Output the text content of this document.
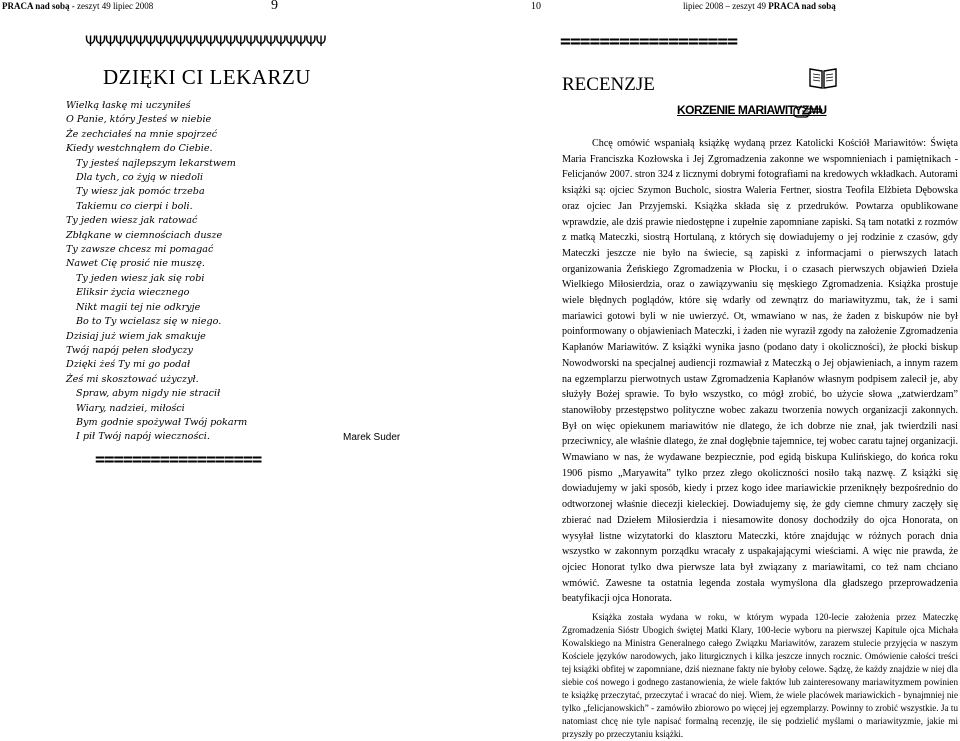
PRACA nad sobą - zeszyt 49 lipiec 2008	9	10	lipiec 2008 – zeszyt 49 PRACA nad sobą
ΨΨΨΨΨΨΨΨΨΨΨΨΨΨΨΨΨΨΨΨΨΨΨΨ	==================
DZIĘKI CI LEKARZU
Wielką łaskę mi uczyniłeś
O Panie, który Jesteś w niebie
Że zechciałeś na mnie spojrzeć
Kiedy westchnąłem do Ciebie.
Ty jesteś najlepszym lekarstwem
Dla tych, co żyją w niedoli
Ty wiesz jak pomóc trzeba
Takiemu co cierpi i boli.
Ty jeden wiesz jak ratować
Zbłąkane w ciemnościach dusze
Ty zawsze chcesz mi pomagać
Nawet Cię prosić nie muszę.
Ty jeden wiesz jak się robi
Eliksir życia wiecznego
Nikt magii tej nie odkryje
Bo to Ty wcielasz się w niego.
Dzisiaj już wiem jak smakuje
Twój napój pełen słodyczy
Dzięki żeś Ty mi go podał
Żeś mi skosztować użyczył.
Spraw, abym nigdy nie stracił
Wiary, nadziei, miłości
Bym godnie spożywał Twój pokarm
I pił Twój napój wieczności.	Marek Suder
==================
RECENZJE
KORZENIE MARIAWITYZMU

Chcę omówić wspaniałą książkę wydaną przez Katolicki Kościół Mariawitów: Święta Maria Franciszka Kozłowska i Jej Zgromadzenia zakonne we wspomnieniach i pamiętnikach - Felicjanów 2007. stron 324 z licznymi dobrymi fotografiami na kredowych wkładkach. Autorami książki są: ojciec Szymon Bucholc, siostra Waleria Fertner, siostra Teofila Elżbieta Dębowska oraz ojciec Jan Przyjemski. Książka składa się z przedruków. Powtarza opublikowane wprawdzie, ale dziś prawie niedostępne i zupełnie zapomniane zapiski. Są tam notatki z rozmów z matką Mateczki, siostrą Hortulaną, z których się dowiadujemy o jej rodzinie z czasów, gdy Mateczki jeszcze nie było na świecie, są zapiski z informacjami o pierwszych latach organizowania Żeńskiego Zgromadzenia w Płocku, i o czasach pierwszych objawień Dzieła Wielkiego Miłosierdzia, oraz o zawiązywaniu się męskiego Zgromadzenia. Książka prostuje wiele błędnych poglądów, które się wdarły od zewnątrz do mariawityzmu, tak, że i sami mariawici gotowi byli w nie uwierzyć. Ot, wmawiano w nas, że żaden z biskupów nie był poinformowany o objawieniach Mateczki, i żaden nie wyraził zgody na założenie Zgromadzenia Kapłanów Mariawitów. Z książki wynika jasno (podano daty i okoliczności), że płocki biskup Nowodworski na specjalnej audiencji rozmawiał z Mateczką o Jej objawieniach, a innym razem na egzemplarzu pierwotnych ustaw Zgromadzenia Kapłanów własnym podpisem zalecił je, aby służyły Bożej sprawie. To było wszystko, co mógł zrobić, bo użycie słowa „zatwierdzam” stanowiłoby przestępstwo polityczne wobec zakazu tworzenia nowych organizacji zakonnych. Był on więc opiekunem mariawitów nie dlatego, że ich dobrze nie znał, jak twierdzili nasi przeciwnicy, ale właśnie dlatego, że znał dogłębnie tajemnice, tej wobec caratu tajnej organizacji. Wmawiano w nas, że wydawane bezpiecznie, pod egidą biskupa Kulińskiego, do końca roku 1906 pismo „Maryawita” tylko przez złego okoliczności nosiło taką nazwę. Z książki się dowiadujemy w jaki sposób, kiedy i przez kogo idee mariawickie przeniknęły bezpośrednio do odtworzonej właśnie diecezji kieleckiej. Dowiadujemy się, że gdy ciemne chmury zaczęły się zbierać nad Dziełem Miłosierdzia i niesamowite donosy dochodziły do ojca Honorata, on wysyłał listne wizytatorki do klasztoru Mateczki, które znajdując w różnych porach dnia wszystko w zakonnym porządku wracały z uspakajającymi wieściami. A więc nie prawda, że ojciec Honorat tylko dwa pierwsze lata był związany z mariawitami, co też nam chciano wmówić. Zawesne ta ostatnia legenda została wymyślona dla gładszego przeprowadzenia beatyfikacji ojca Honorata.

Książka została wydana w roku, w którym wypada 120-lecie założenia przez Mateczkę Zgromadzenia Sióstr Ubogich świętej Matki Klary, 100-lecie wyboru na pierwszej Kapitule ojca Michała Kowalskiego na Ministra Generalnego całego Związku Mariawitów, zarazem stulecie przyjęcia w naszym Kościele języków narodowych, jako liturgicznych i kilka jeszcze innych rocznic. Omówienie całości treści tej książki obfitej w zapomniane, dziś nieznane fakty nie byłoby celowe. Sądzę, że każdy znajdzie w niej dla siebie coś nowego i godnego zastanowienia, że wiele faktów lub zainteresowany mariawityzmem powinien te książkę przeczytać, przeczytać i wracać do niej. Wiem, że wiele placówek mariawickich - bynajmniej nie tylko „felicjanowskich” - zamówiło zbiorowo po więcej jej egzemplarzy. Powinny to zrobić wszystkie. Ja tu natomiast chcę nie tyle napisać formalną recenzję, ile się podzielić myślami o mariawityzmie, jakie mi przyszły po przeczytaniu książki.
